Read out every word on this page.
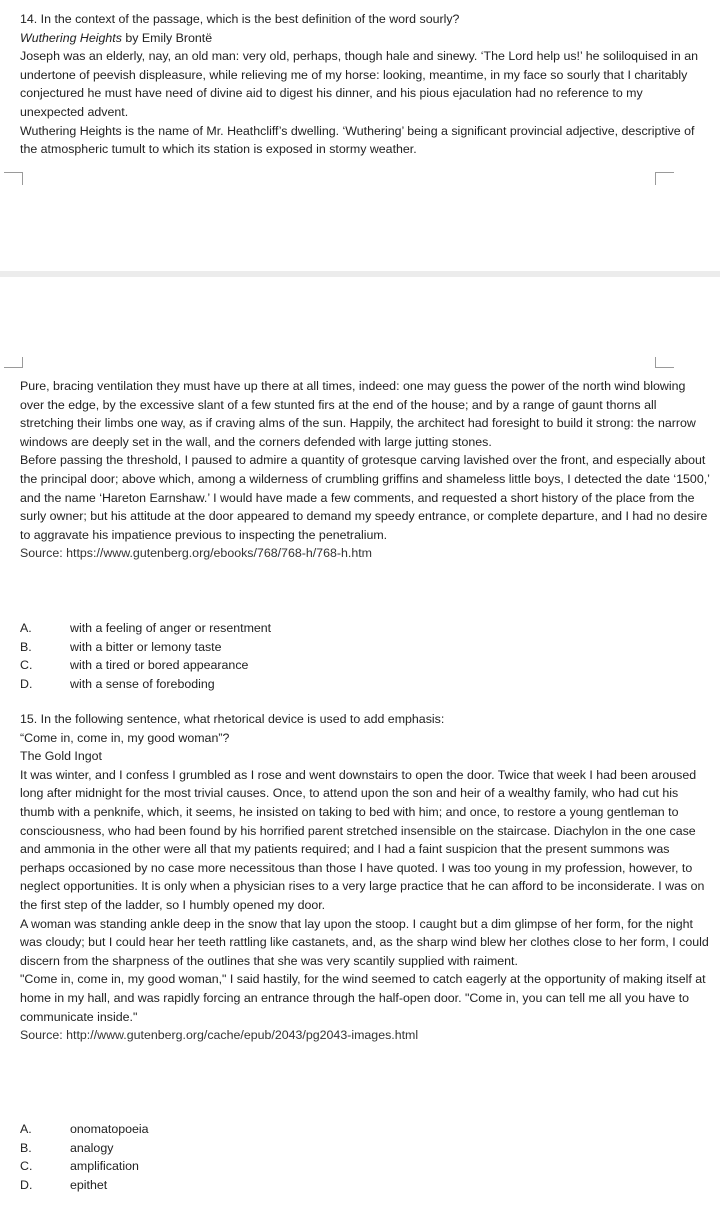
14. In the context of the passage, which is the best definition of the word sourly?

Wuthering Heights by Emily Brontë

Joseph was an elderly, nay, an old man: very old, perhaps, though hale and sinewy. ‘The Lord help us!’ he soliloquised in an undertone of peevish displeasure, while relieving me of my horse: looking, meantime, in my face so sourly that I charitably conjectured he must have need of divine aid to digest his dinner, and his pious ejaculation had no reference to my unexpected advent.

Wuthering Heights is the name of Mr. Heathcliff’s dwelling. ‘Wuthering’ being a significant provincial adjective, descriptive of the atmospheric tumult to which its station is exposed in stormy weather.

Pure, bracing ventilation they must have up there at all times, indeed: one may guess the power of the north wind blowing over the edge, by the excessive slant of a few stunted firs at the end of the house; and by a range of gaunt thorns all stretching their limbs one way, as if craving alms of the sun. Happily, the architect had foresight to build it strong: the narrow windows are deeply set in the wall, and the corners defended with large jutting stones.

Before passing the threshold, I paused to admire a quantity of grotesque carving lavished over the front, and especially about the principal door; above which, among a wilderness of crumbling griffins and shameless little boys, I detected the date ‘1500,’ and the name ‘Hareton Earnshaw.’ I would have made a few comments, and requested a short history of the place from the surly owner; but his attitude at the door appeared to demand my speedy entrance, or complete departure, and I had no desire to aggravate his impatience previous to inspecting the penetralium.

Source: https://www.gutenberg.org/ebooks/768/768-h/768-h.htm

A.	with a feeling of anger or resentment
B.	with a bitter or lemony taste
C.	with a tired or bored appearance
D.	with a sense of foreboding

15. In the following sentence, what rhetorical device is used to add emphasis:

“Come in, come in, my good woman”?

The Gold Ingot

It was winter, and I confess I grumbled as I rose and went downstairs to open the door. Twice that week I had been aroused long after midnight for the most trivial causes. Once, to attend upon the son and heir of a wealthy family, who had cut his thumb with a penknife, which, it seems, he insisted on taking to bed with him; and once, to restore a young gentleman to consciousness, who had been found by his horrified parent stretched insensible on the staircase. Diachylon in the one case and ammonia in the other were all that my patients required; and I had a faint suspicion that the present summons was perhaps occasioned by no case more necessitous than those I have quoted. I was too young in my profession, however, to neglect opportunities. It is only when a physician rises to a very large practice that he can afford to be inconsiderate. I was on the first step of the ladder, so I humbly opened my door.

A woman was standing ankle deep in the snow that lay upon the stoop. I caught but a dim glimpse of her form, for the night was cloudy; but I could hear her teeth rattling like castanets, and, as the sharp wind blew her clothes close to her form, I could discern from the sharpness of the outlines that she was very scantily supplied with raiment.

"Come in, come in, my good woman," I said hastily, for the wind seemed to catch eagerly at the opportunity of making itself at home in my hall, and was rapidly forcing an entrance through the half-open door. "Come in, you can tell me all you have to communicate inside."

Source: http://www.gutenberg.org/cache/epub/2043/pg2043-images.html

A.	onomatopoeia
B.	analogy
C.	amplification
D.	epithet
